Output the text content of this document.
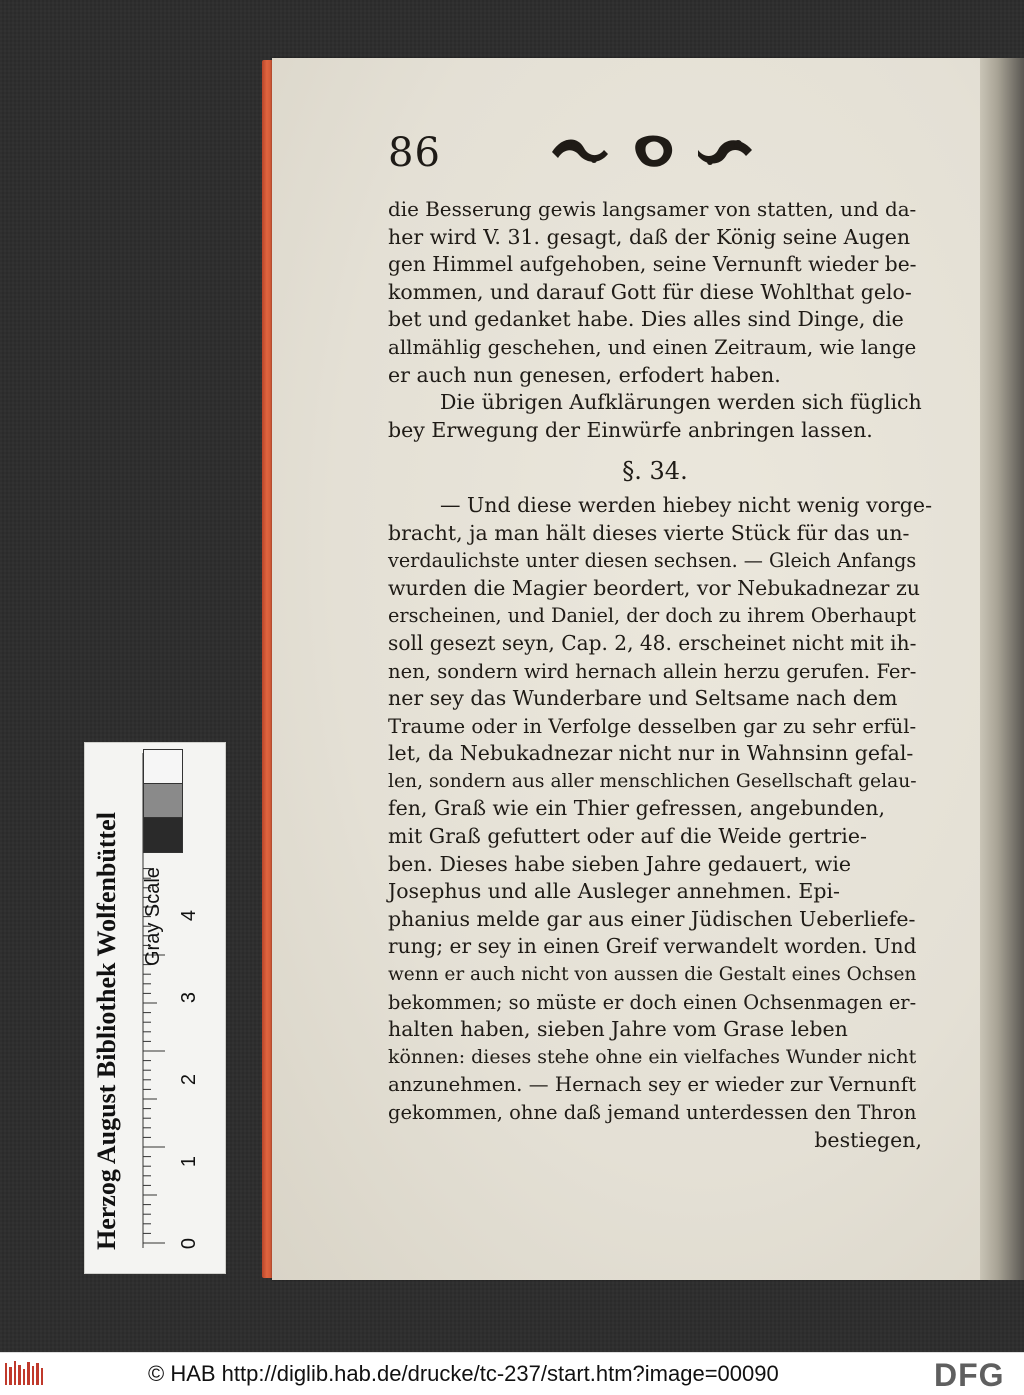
86
die Besserung gewis langsamer von statten, und da-
her wird V. 31. gesagt, daß der König seine Augen
gen Himmel aufgehoben, seine Vernunft wieder be-
kommen, und darauf Gott für diese Wohlthat gelo-
bet und gedanket habe. Dies alles sind Dinge, die
allmählig geschehen, und einen Zeitraum, wie lange
er auch nun genesen, erfodert haben.
Die übrigen Aufklärungen werden sich füglich
bey Erwegung der Einwürfe anbringen lassen.
§. 34.
— Und diese werden hiebey nicht wenig vorge-
bracht, ja man hält dieses vierte Stück für das un-
verdaulichste unter diesen sechsen. — Gleich Anfangs
wurden die Magier beordert, vor Nebukadnezar zu
erscheinen, und Daniel, der doch zu ihrem Oberhaupt
soll gesezt seyn, Cap. 2, 48. erscheinet nicht mit ih-
nen, sondern wird hernach allein herzu gerufen. Fer-
ner sey das Wunderbare und Seltsame nach dem
Traume oder in Verfolge desselben gar zu sehr erfül-
let, da Nebukadnezar nicht nur in Wahnsinn gefal-
len, sondern aus aller menschlichen Gesellschaft gelau-
fen, Graß wie ein Thier gefressen, angebunden,
mit Graß gefuttert oder auf die Weide gertrie-
ben. Dieses habe sieben Jahre gedauert, wie
Josephus und alle Ausleger annehmen. Epi-
phanius melde gar aus einer Jüdischen Ueberliefe-
rung; er sey in einen Greif verwandelt worden. Und
wenn er auch nicht von aussen die Gestalt eines Ochsen
bekommen; so müste er doch einen Ochsenmagen er-
halten haben, sieben Jahre vom Grase leben
können: dieses stehe ohne ein vielfaches Wunder nicht
anzunehmen. — Hernach sey er wieder zur Vernunft
gekommen, ohne daß jemand unterdessen den Thron
bestiegen,
Herzog August Bibliothek Wolfenbüttel	Gray Scale
0
1
2
3
4
© HAB http://diglib.hab.de/drucke/tc-237/start.htm?image=00090	DFG
